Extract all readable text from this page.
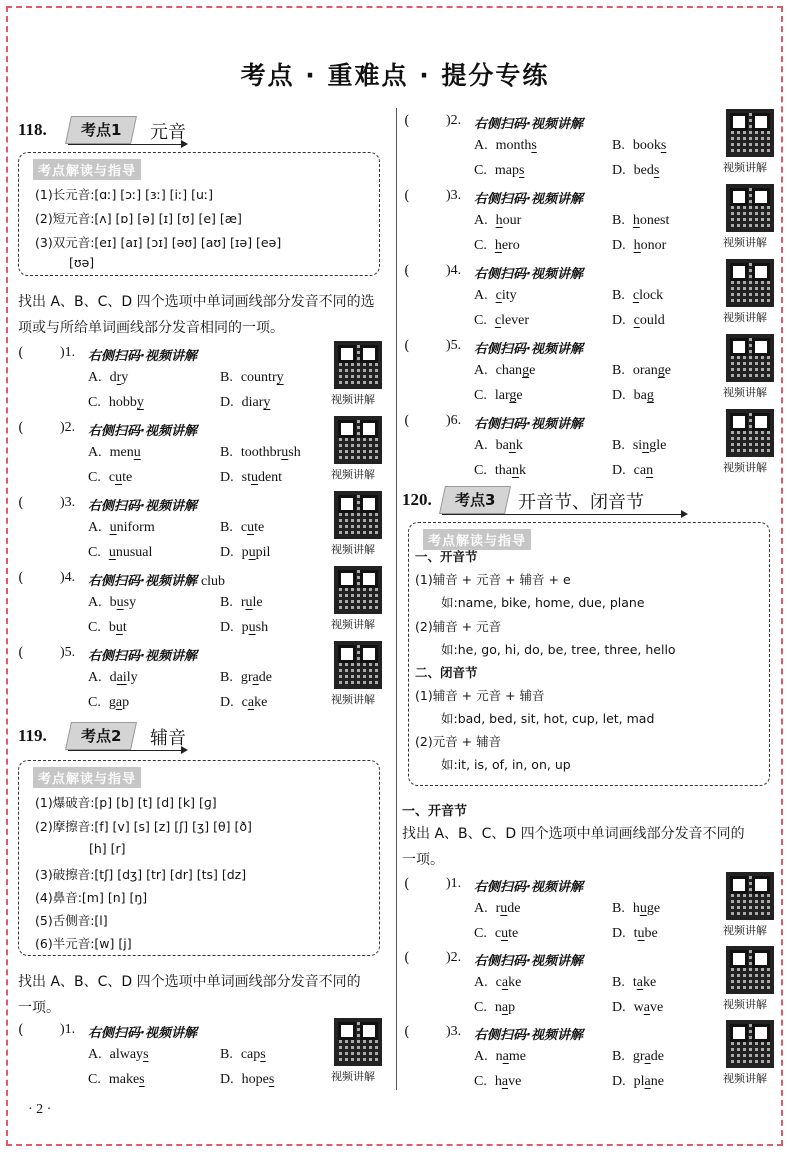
考点 · 重难点 · 提分专练
118.	考点1	元音
考点解读与指导
(1)长元音:[ɑː] [ɔː] [ɜː] [iː] [uː]
(2)短元音:[ʌ] [ɒ] [ə] [ɪ] [ʊ] [e] [æ]
(3)双元音:[eɪ] [aɪ] [ɔɪ] [əʊ] [aʊ] [ɪə] [eə]
[ʊə]
找出 A、B、C、D 四个选项中单词画线部分发音不同的选
项或与所给单词画线部分发音相同的一项。
(	)1. 右侧扫码·视频讲解
A. dry	B. country
C. hobby	D. diary	视频讲解
(	)2. 右侧扫码·视频讲解
A. menu	B. toothbrush
C. cute	D. student	视频讲解
(	)3. 右侧扫码·视频讲解
A. uniform	B. cute
C. unusual	D. pupil	视频讲解
(	)4. 右侧扫码·视频讲解 club
A. busy	B. rule
C. but	D. push	视频讲解
(	)5. 右侧扫码·视频讲解
A. daily	B. grade
C. gap	D. cake	视频讲解
119.	考点2	辅音
考点解读与指导
(1)爆破音:[p] [b] [t] [d] [k] [ɡ]
(2)摩擦音:[f] [v] [s] [z] [ʃ] [ʒ] [θ] [ð]
[h] [r]
(3)破擦音:[tʃ] [dʒ] [tr] [dr] [ts] [dz]
(4)鼻音:[m] [n] [ŋ]
(5)舌侧音:[l]
(6)半元音:[w] [j]
找出 A、B、C、D 四个选项中单词画线部分发音不同的
一项。
(	)1. 右侧扫码·视频讲解
A. always	B. caps
C. makes	D. hopes	视频讲解
(	)2. 右侧扫码·视频讲解
A. months	B. books
C. maps	D. beds	视频讲解
(	)3. 右侧扫码·视频讲解
A. hour	B. honest
C. hero	D. honor	视频讲解
(	)4. 右侧扫码·视频讲解
A. city	B. clock
C. clever	D. could	视频讲解
(	)5. 右侧扫码·视频讲解
A. change	B. orange
C. large	D. bag	视频讲解
(	)6. 右侧扫码·视频讲解
A. bank	B. single
C. thank	D. can	视频讲解
120.	考点3	开音节、闭音节
考点解读与指导
一、开音节
(1)辅音 + 元音 + 辅音 + e
如:name, bike, home, due, plane
(2)辅音 + 元音
如:he, go, hi, do, be, tree, three, hello
二、闭音节
(1)辅音 + 元音 + 辅音
如:bad, bed, sit, hot, cup, let, mad
(2)元音 + 辅音
如:it, is, of, in, on, up
一、开音节
找出 A、B、C、D 四个选项中单词画线部分发音不同的
一项。
(	)1. 右侧扫码·视频讲解
A. rude	B. huge
C. cute	D. tube	视频讲解
(	)2. 右侧扫码·视频讲解
A. cake	B. take
C. nap	D. wave	视频讲解
(	)3. 右侧扫码·视频讲解
A. name	B. grade
C. have	D. plane	视频讲解
· 2 ·
